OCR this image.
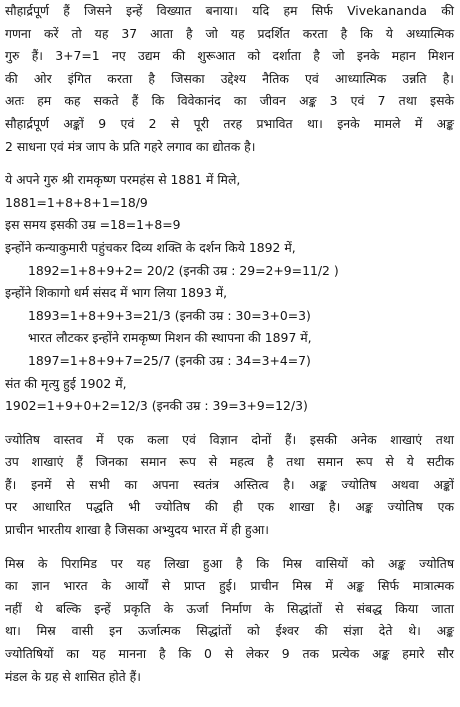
सौहार्द्रपूर्ण हैं जिसने इन्हें विख्यात बनाया। यदि हम सिर्फ Vivekananda की
गणना करें तो यह 37 आता है जो यह प्रदर्शित करता है कि ये अध्यात्मिक
गुरु हैं। 3+7=1 नए उद्यम की शुरूआत को दर्शाता है जो इनके महान मिशन
की ओर इंगित करता है जिसका उद्देश्य नैतिक एवं आध्यात्मिक उन्नति है।
अतः हम कह सकते हैं कि विवेकानंद का जीवन अङ्क 3 एवं 7 तथा इसके
सौहार्द्रपूर्ण अङ्कों 9 एवं 2 से पूरी तरह प्रभावित था। इनके मामले में अङ्क
2 साधना एवं मंत्र जाप के प्रति गहरे लगाव का द्योतक है।
ये अपने गुरु श्री रामकृष्ण परमहंस से 1881 में मिले,
1881=1+8+8+1=18/9
इस समय इसकी उम्र =18=1+8=9
इन्होंने कन्याकुमारी पहुंचकर दिव्य शक्ति के दर्शन किये 1892 में,
1892=1+8+9+2= 20/2 (इनकी उम्र : 29=2+9=11/2 )
इन्होंने शिकागो धर्म संसद में भाग लिया 1893 में,
1893=1+8+9+3=21/3 (इनकी उम्र : 30=3+0=3)
भारत लौटकर इन्होंने रामकृष्ण मिशन की स्थापना की 1897 में,
1897=1+8+9+7=25/7 (इनकी उम्र : 34=3+4=7)
संत की मृत्यु हुई 1902 में,
1902=1+9+0+2=12/3 (इनकी उम्र : 39=3+9=12/3)
ज्योतिष वास्तव में एक कला एवं विज्ञान दोनों हैं। इसकी अनेक शाखाएं तथा
उप शाखाएं हैं जिनका समान रूप से महत्व है तथा समान रूप से ये सटीक
हैं। इनमें से सभी का अपना स्वतंत्र अस्तित्व है। अङ्क ज्योतिष अथवा अङ्कों
पर आधारित पद्धति भी ज्योतिष की ही एक शाखा है। अङ्क ज्योतिष एक
प्राचीन भारतीय शाखा है जिसका अभ्युदय भारत में ही हुआ।
मिस्र के पिरामिड पर यह लिखा हुआ है कि मिस्र वासियों को अङ्क ज्योतिष
का ज्ञान भारत के आर्यों से प्राप्त हुई। प्राचीन मिस्र में अङ्क सिर्फ मात्रात्मक
नहीं थे बल्कि इन्हें प्रकृति के ऊर्जा निर्माण के सिद्धांतों से संबद्ध किया जाता
था। मिस्र वासी इन ऊर्जात्मक सिद्धांतों को ईश्वर की संज्ञा देते थे। अङ्क
ज्योतिषियों का यह मानना है कि 0 से लेकर 9 तक प्रत्येक अङ्क हमारे सौर
मंडल के ग्रह से शासित होते हैं।
